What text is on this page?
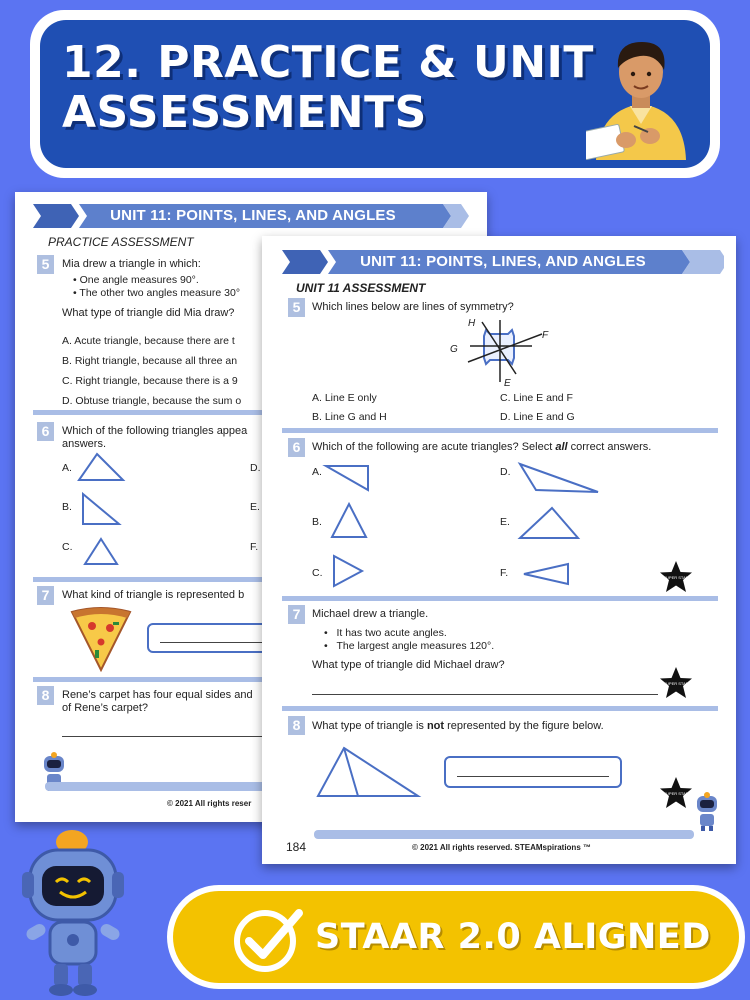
12. PRACTICE & UNIT ASSESSMENTS
UNIT 11: POINTS, LINES, AND ANGLES
PRACTICE ASSESSMENT
5	Mia drew a triangle in which:
• One angle measures 90°.
• The other two angles measure 30°
What type of triangle did Mia draw?
A. Acute triangle, because there are t
B. Right triangle, because all three an
C. Right triangle, because there is a 9
D. Obtuse triangle, because the sum o
6	Which of the following triangles appea
answers.
A.	D.
B.	E.
C.	F.
7	What kind of triangle is represented b
8	Rene’s carpet has four equal sides and
of Rene’s carpet?
© 2021 All rights reser
UNIT 11: POINTS, LINES, AND ANGLES
UNIT 11 ASSESSMENT
5	Which lines below are lines of symmetry?
H
F
G
E
A. Line E only	C. Line E and F
B. Line G and H	D. Line E and G
6	Which of the following are acute triangles? Select all correct answers.
A.	D.
B.	E.
C.	F.	SUPER STAR
7	Michael drew a triangle.
•   It has two acute angles.
•   The largest angle measures 120°.
What type of triangle did Michael draw?
SUPER STAR
8	What type of triangle is not represented by the figure below.
SUPER STAR
184	© 2021 All rights reserved. STEAMspirations ™
STAAR 2.0 ALIGNED
